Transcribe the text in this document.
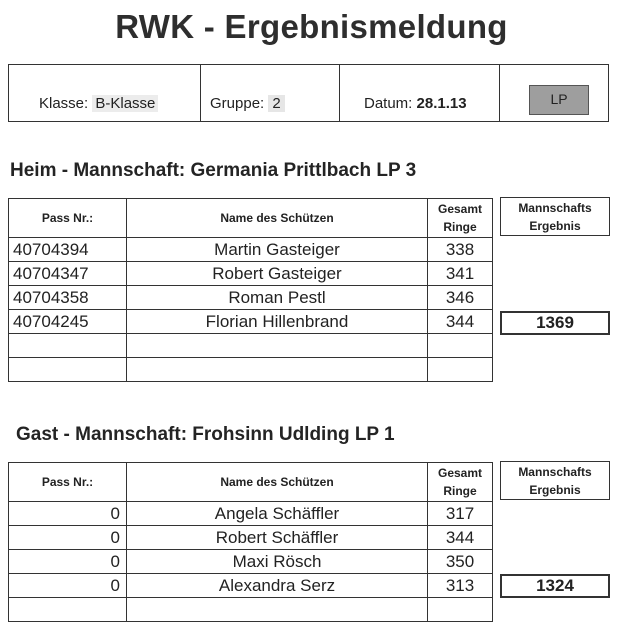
RWK - Ergebnismeldung
Klasse: B-Klasse	Gruppe: 2	Datum: 28.1.13	LP
Heim - Mannschaft: Germania Prittlbach LP 3
Pass Nr.:	Name des Schützen	Gesamt
Ringe
40704394	Martin Gasteiger	338
40704347	Robert Gasteiger	341
40704358	Roman Pestl	346
40704245	Florian Hillenbrand	344

Mannschafts
Ergebnis
1369
Gast - Mannschaft: Frohsinn Udlding LP 1
Pass Nr.:	Name des Schützen	Gesamt
Ringe
0	Angela Schäffler	317
0	Robert Schäffler	344
0	Maxi Rösch	350
0	Alexandra Serz	313

Mannschafts
Ergebnis
1324
